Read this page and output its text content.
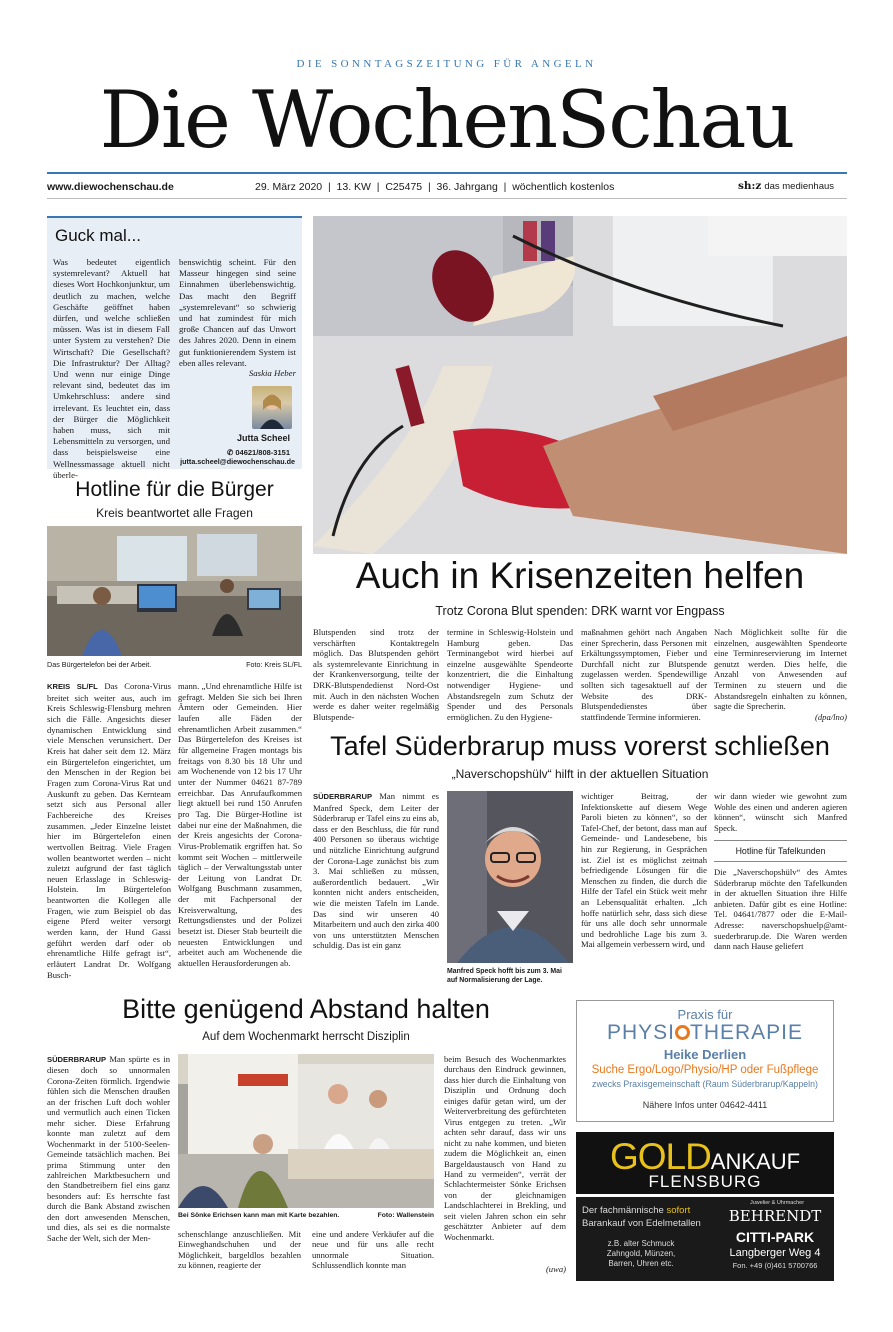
DIE SONNTAGSZEITUNG FÜR ANGELN
Die WochenSchau
www.diewochenschau.de	29. März 2020  |  13. KW  |  C25475  |  36. Jahrgang  |  wöchentlich kostenlos	sh:z das medienhaus
Guck mal...
Was bedeutet eigentlich systemrelevant? Aktuell hat dieses Wort Hochkonjunktur, um deutlich zu machen, welche Geschäfte geöffnet haben dürfen, und welche schließen müssen. Was ist in diesem Fall unter System zu verstehen? Die Wirtschaft? Die Gesellschaft? Die Infrastruktur? Der Alltag? Und wenn nur einige Dinge relevant sind, bedeutet das im Umkehrschluss: andere sind irrelevant. Es leuchtet ein, dass der Bürger die Möglichkeit haben muss, sich mit Lebensmitteln zu versorgen, und dass beispielsweise eine Wellnessmassage aktuell nicht überle-
benswichtig scheint. Für den Masseur hingegen sind seine Einnahmen überlebenswichtig. Das macht den Begriff „systemrelevant“ so schwierig und hat zumindest für mich große Chancen auf das Unwort des Jahres 2020. Denn in einem gut funktionierendem System ist eben alles relevant.
Saskia Heber
Jutta Scheel
✆ 04621/808-3151
jutta.scheel@diewochenschau.de
Hotline für die Bürger
Kreis beantwortet alle Fragen
Das Bürgertelefon bei der Arbeit.	Foto: Kreis SL/FL
KREIS SL/FL Das Corona-Virus breitet sich weiter aus, auch im Kreis Schleswig-Flensburg mehren sich die Fälle. Angesichts dieser dynamischen Entwicklung sind viele Menschen verunsichert. Der Kreis hat daher seit dem 12. März ein Bürgertelefon eingerichtet, um den Menschen in der Region bei Fragen zum Corona-Virus Rat und Auskunft zu geben. Das Kernteam setzt sich aus Personal aller Fachbereiche des Kreises zusammen. „Jeder Einzelne leistet hier im Bürgertelefon einen wertvollen Beitrag. Viele Fragen wollen beantwortet werden – nicht zuletzt aufgrund der fast täglich neuen Erlasslage in Schleswig-Holstein. Im Bürgertelefon beantworten die Kollegen alle Fragen, wie zum Beispiel ob das eigene Pferd weiter versorgt werden kann, der Hund Gassi geführt werden darf oder ob ehrenamtliche Hilfe gefragt ist“, erläutert Landrat Dr. Wolfgang Busch-
mann. „Und ehrenamtliche Hilfe ist gefragt. Melden Sie sich bei Ihren Ämtern oder Gemeinden. Hier laufen alle Fäden der ehrenamtlichen Arbeit zusammen.“ Das Bürgertelefon des Kreises ist für allgemeine Fragen montags bis freitags von 8.30 bis 18 Uhr und am Wochenende von 12 bis 17 Uhr unter der Nummer 04621 87-789 erreichbar. Das Anrufaufkommen liegt aktuell bei rund 150 Anrufen pro Tag. Die Bürger-Hotline ist dabei nur eine der Maßnahmen, die der Kreis angesichts der Corona-Virus-Problematik ergriffen hat. So kommt seit Wochen – mittlerweile täglich – der Verwaltungsstab unter der Leitung von Landrat Dr. Wolfgang Buschmann zusammen, der mit Fachpersonal der Kreisverwaltung, des Rettungsdienstes und der Polizei besetzt ist. Dieser Stab beurteilt die neuesten Entwicklungen und arbeitet auch am Wochenende die aktuellen Herausforderungen ab.
Auch in Krisenzeiten helfen
Trotz Corona Blut spenden: DRK warnt vor Engpass
Blutspenden sind trotz der verschärften Kontaktregeln möglich. Das Blutspenden gehört als systemrelevante Einrichtung in der Krankenversorgung, teilte der DRK-Blutspendedienst Nord-Ost mit. Auch in den nächsten Wochen werde es daher weiter regelmäßig Blutspende-
termine in Schleswig-Holstein und Hamburg geben. Das Terminangebot wird hierbei auf einzelne ausgewählte Spendeorte konzentriert, die die Einhaltung notwendiger Hygiene- und Abstandsregeln zum Schutz der Spender und des Personals ermöglichen. Zu den Hygiene-
maßnahmen gehört nach Angaben einer Sprecherin, dass Personen mit Erkältungssymptomen, Fieber und Durchfall nicht zur Blutspende zugelassen werden. Spendewillige sollten sich tagesaktuell auf der Website des DRK-Blutspendedienstes über stattfindende Termine informieren.
Nach Möglichkeit sollte für die einzelnen, ausgewählten Spendeorte eine Terminreservierung im Internet genutzt werden. Dies helfe, die Anzahl von Anwesenden auf Terminen zu steuern und die Abstandsregeln einhalten zu können, sagte die Sprecherin.
(dpa/lno)
Tafel Süderbrarup muss vorerst schließen
„Naverschopshülv“ hilft in der aktuellen Situation
SÜDERBRARUP Man nimmt es Manfred Speck, dem Leiter der Süderbrarup er Tafel eins zu eins ab, dass er den Beschluss, die für rund 400 Personen so überaus wichtige und nützliche Einrichtung aufgrund der Corona-Lage zunächst bis zum 3. Mai schließen zu müssen, außerordentlich bedauert. „Wir konnten nicht anders entscheiden, wie die meisten Tafeln im Lande. Das sind wir unseren 40 Mitarbeitern und auch den zirka 400 von uns unterstützten Menschen schuldig. Das ist ein ganz
Manfred Speck hofft bis zum 3. Mai auf Normalisierung der Lage.
wichtiger Beitrag, der Infektionskette auf diesem Wege Paroli bieten zu können“, so der Tafel-Chef, der betont, dass man auf Gemeinde- und Landesebene, bis hin zur Regierung, in Gesprächen ist. Ziel ist es möglichst zeitnah befriedigende Lösungen für die Menschen zu finden, die durch die Hilfe der Tafel ein Stück weit mehr an Lebensqualität erhalten. „Ich hoffe natürlich sehr, dass sich diese für uns alle doch sehr unnormale und bedrohliche Lage bis zum 3. Mai allgemein verbessern wird, und
wir dann wieder wie gewohnt zum Wohle des einen und anderen agieren können“, wünscht sich Manfred Speck.
Hotline für Tafelkunden
Die „Naverschopshülv“ des Amtes Süderbrarup möchte den Tafelkunden in der aktuellen Situation ihre Hilfe anbieten. Dafür gibt es eine Hotline: Tel. 04641/7877 oder die E-Mail-Adresse: naverschopshuelp@amt-suederbrarup.de. Die Waren werden dann nach Hause geliefert
Bitte genügend Abstand halten
Auf dem Wochenmarkt herrscht Disziplin
SÜDERBRARUP Man spürte es in diesen doch so unnormalen Corona-Zeiten förmlich. Irgendwie fühlen sich die Menschen draußen an der frischen Luft doch wohler und vermutlich auch einen Ticken mehr sicher. Diese Erfahrung konnte man zuletzt auf dem Wochenmarkt in der 5100-Seelen-Gemeinde tatsächlich machen. Bei prima Stimmung unter den zahlreichen Marktbesuchern und den Standbetreibern fiel eins ganz besonders auf: Es herrschte fast durch die Bank Abstand zwischen den dort anwesenden Menschen, und dies, als sei es die normalste Sache der Welt, sich der Men-
Bei Sönke Erichsen kann man mit Karte bezahlen.	Foto: Wallenstein
schenschlange anzuschließen. Mit Einweghandschuhen und der Möglichkeit, bargeldlos bezahlen zu können, reagierte der
eine und andere Verkäufer auf die neue und für uns alle recht unnormale Situation. Schlussendlich konnte man
beim Besuch des Wochenmarktes durchaus den Eindruck gewinnen, dass hier durch die Einhaltung von Disziplin und Ordnung doch einiges dafür getan wird, um der Weiterverbreitung des gefürchteten Virus entgegen zu treten. „Wir achten sehr darauf, dass wir uns nicht zu nahe kommen, und bieten zudem die Möglichkeit an, einen Bargeldaustausch von Hand zu Hand zu vermeiden“, verrät der Schlachtermeister Sönke Erichsen von der gleichnamigen Landschlachterei in Brekling, und seit vielen Jahren schon ein sehr geschätzter Anbieter auf dem Wochenmarkt.
(uwa)
Praxis für
PHYSI THERAPIE
Heike Derlien
Suche Ergo/Logo/Physio/HP oder Fußpflege
zwecks Praxisgemeinschaft (Raum Süderbrarup/Kappeln)
Nähere Infos unter 04642-4411
GOLDANKAUF
FLENSBURG
Der fachmännische sofort
Barankauf von Edelmetallen
z.B. alter Schmuck
Zahngold, Münzen,
Barren, Uhren etc.
Juwelier & Uhrmacher
BEHRENDT
CITTI-PARK
Langberger Weg 4
Fon. +49 (0)461 5700766
